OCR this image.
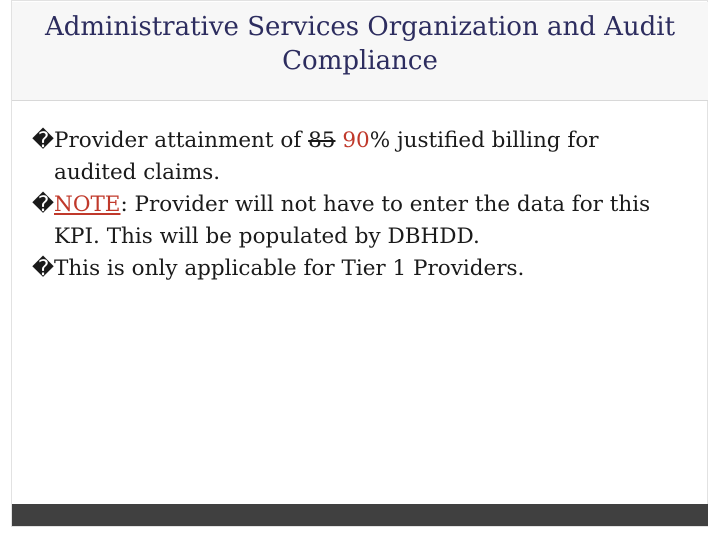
Administrative Services Organization and Audit Compliance
� Provider attainment of 85 90% justified billing for audited claims.
� NOTE: Provider will not have to enter the data for this KPI. This will be populated by DBHDD.
� This is only applicable for Tier 1 Providers.
